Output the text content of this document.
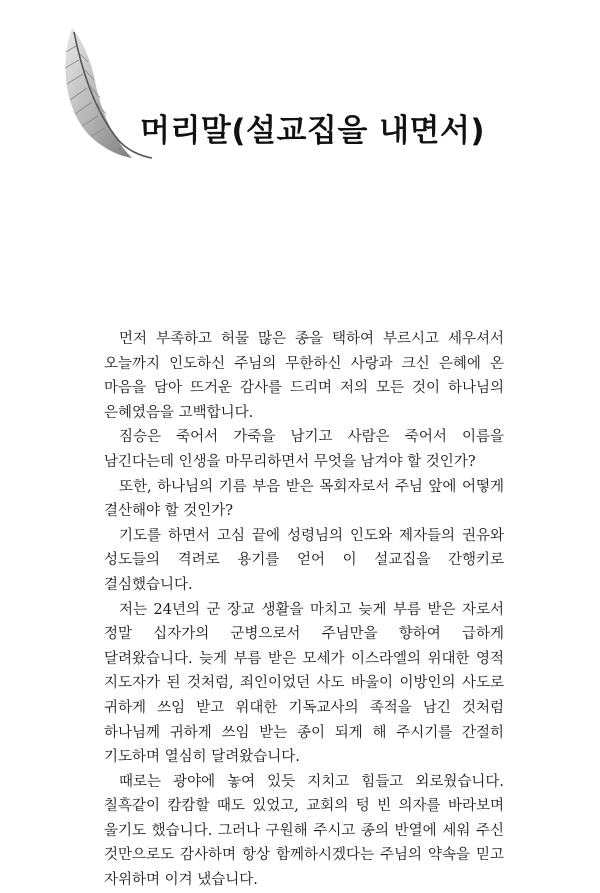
머리말(설교집을 내면서)

먼저 부족하고 허물 많은 종을 택하여 부르시고 세우셔서 오늘까지 인도하신 주님의 무한하신 사랑과 크신 은혜에 온 마음을 담아 뜨거운 감사를 드리며 저의 모든 것이 하나님의 은혜였음을 고백합니다.

짐승은 죽어서 가죽을 남기고 사람은 죽어서 이름을 남긴다는데 인생을 마무리하면서 무엇을 남겨야 할 것인가?

또한, 하나님의 기름 부음 받은 목회자로서 주님 앞에 어떻게 결산해야 할 것인가?

기도를 하면서 고심 끝에 성령님의 인도와 제자들의 권유와 성도들의 격려로 용기를 얻어 이 설교집을 간행키로 결심했습니다.

저는 24년의 군 장교 생활을 마치고 늦게 부름 받은 자로서 정말 십자가의 군병으로서 주님만을 향하여 급하게 달려왔습니다. 늦게 부름 받은 모세가 이스라엘의 위대한 영적 지도자가 된 것처럼, 죄인이었던 사도 바울이 이방인의 사도로 귀하게 쓰임 받고 위대한 기독교사의 족적을 남긴 것처럼 하나님께 귀하게 쓰임 받는 종이 되게 해 주시기를 간절히 기도하며 열심히 달려왔습니다.

때로는 광야에 놓여 있듯 지치고 힘들고 외로웠습니다. 칠흑같이 캄캄할 때도 있었고, 교회의 텅 빈 의자를 바라보며 울기도 했습니다. 그러나 구원해 주시고 종의 반열에 세워 주신 것만으로도 감사하며 항상 함께하시겠다는 주님의 약속을 믿고 자위하며 이겨 냈습니다.
